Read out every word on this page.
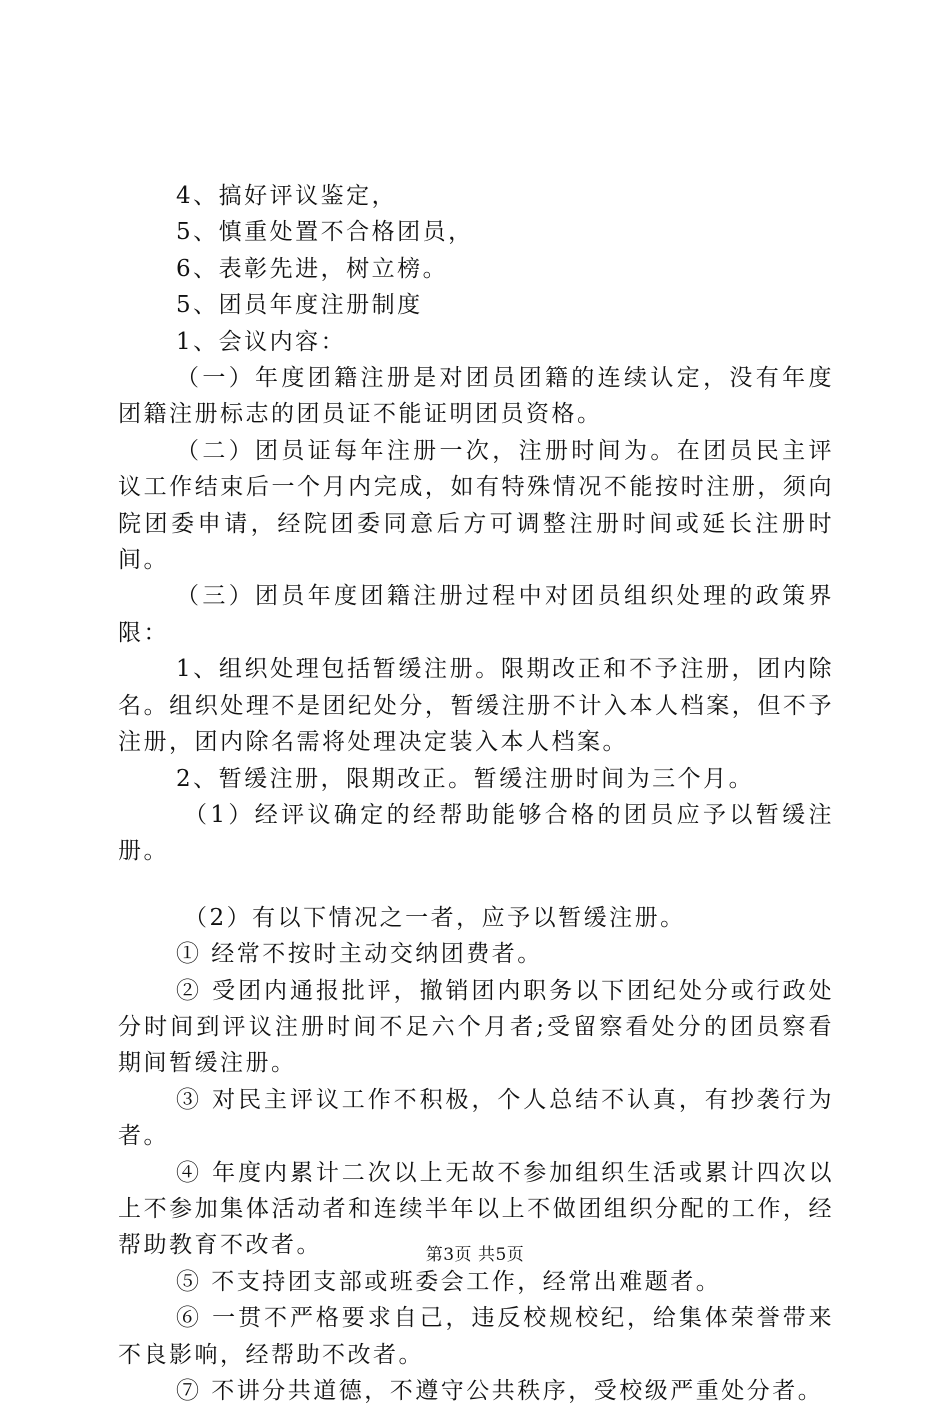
4、搞好评议鉴定，

5、慎重处置不合格团员，

6、表彰先进，树立榜。

5、团员年度注册制度

1、会议内容：

（一）年度团籍注册是对团员团籍的连续认定，没有年度团籍注册标志的团员证不能证明团员资格。

（二）团员证每年注册一次，注册时间为。在团员民主评议工作结束后一个月内完成，如有特殊情况不能按时注册，须向院团委申请，经院团委同意后方可调整注册时间或延长注册时间。

（三）团员年度团籍注册过程中对团员组织处理的政策界限：

1、组织处理包括暂缓注册。限期改正和不予注册，团内除名。组织处理不是团纪处分，暂缓注册不计入本人档案，但不予注册，团内除名需将处理决定装入本人档案。

2、暂缓注册，限期改正。暂缓注册时间为三个月。

（1）经评议确定的经帮助能够合格的团员应予以暂缓注册。

（2）有以下情况之一者，应予以暂缓注册。

① 经常不按时主动交纳团费者。

② 受团内通报批评，撤销团内职务以下团纪处分或行政处分时间到评议注册时间不足六个月者;受留察看处分的团员察看期间暂缓注册。

③ 对民主评议工作不积极，个人总结不认真，有抄袭行为者。

④ 年度内累计二次以上无故不参加组织生活或累计四次以上不参加集体活动者和连续半年以上不做团组织分配的工作，经帮助教育不改者。

⑤ 不支持团支部或班委会工作，经常出难题者。

⑥ 一贯不严格要求自己，违反校规校纪，给集体荣誉带来不良影响，经帮助不改者。

⑦ 不讲分共道德，不遵守公共秩序，受校级严重处分者。

第3页 共5页
